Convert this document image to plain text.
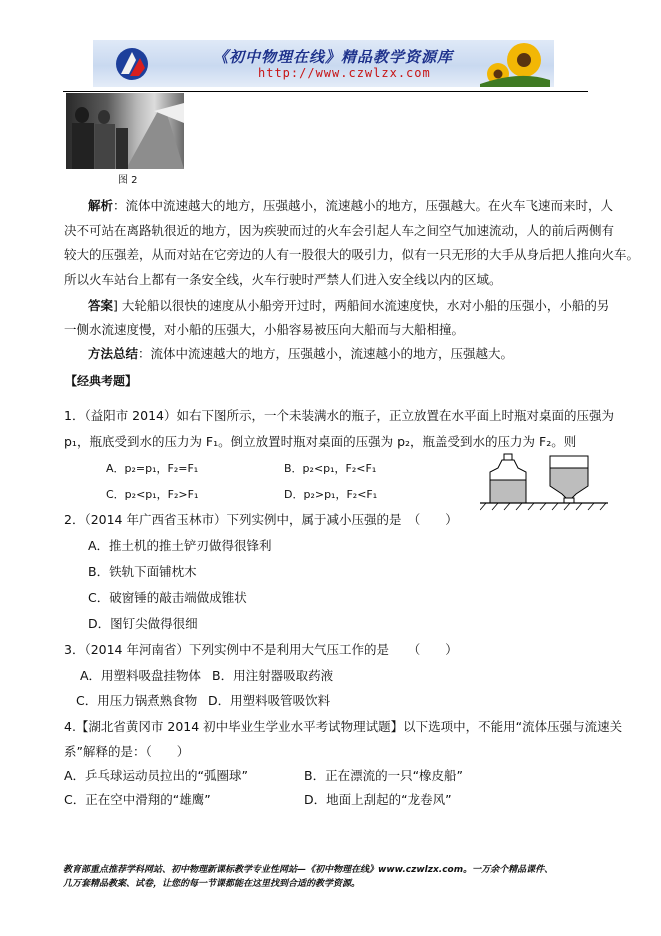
《初中物理在线》精品教学资源库
http://www.czwlzx.com
图 2
解析：流体中流速越大的地方，压强越小，流速越小的地方，压强越大。在火车飞速而来时，人
决不可站在离路轨很近的地方，因为疾驶而过的火车会引起人车之间空气加速流动，人的前后两侧有
较大的压强差，从而对站在它旁边的人有一股很大的吸引力，似有一只无形的大手从身后把人推向火车。
所以火车站台上都有一条安全线，火车行驶时严禁人们进入安全线以内的区域。
答案] 大轮船以很快的速度从小船旁开过时，两船间水流速度快，水对小船的压强小，小船的另
一侧水流速度慢，对小船的压强大，小船容易被压向大船而与大船相撞。
方法总结：流体中流速越大的地方，压强越小，流速越小的地方，压强越大。
【经典考题】
1．（益阳市 2014）如右下图所示，一个未装满水的瓶子，正立放置在水平面上时瓶对桌面的压强为
p₁，瓶底受到水的压力为 F₁。倒立放置时瓶对桌面的压强为 p₂，瓶盖受到水的压力为 F₂。则
A．p₂=p₁，F₂=F₁	B．p₂<p₁，F₂<F₁
C．p₂<p₁，F₂>F₁	D．p₂>p₁，F₂<F₁
2．（2014 年广西省玉林市）下列实例中，属于减小压强的是　（　　）
A．推土机的推土铲刃做得很锋利
B．铁轨下面铺枕木
C．破窗锤的敲击端做成锥状
D．图钉尖做得很细
3．（2014 年河南省）下列实例中不是利用大气压工作的是　　（　　）
A．用塑料吸盘挂物体 B．用注射器吸取药液
C．用压力锅煮熟食物 D．用塑料吸管吸饮料
4.【湖北省黄冈市 2014 初中毕业生学业水平考试物理试题】以下选项中，不能用“流体压强与流速关
系”解释的是：（　　）
A．乒乓球运动员拉出的“弧圈球”	B．正在漂流的一只“橡皮船”
C．正在空中滑翔的“雄鹰”	D．地面上刮起的“龙卷风”
教育部重点推荐学科网站、初中物理新课标教学专业性网站—《初中物理在线》www.czwlzx.com。一万余个精品课件、
几万套精品教案、试卷，让您的每一节课都能在这里找到合适的教学资源。
